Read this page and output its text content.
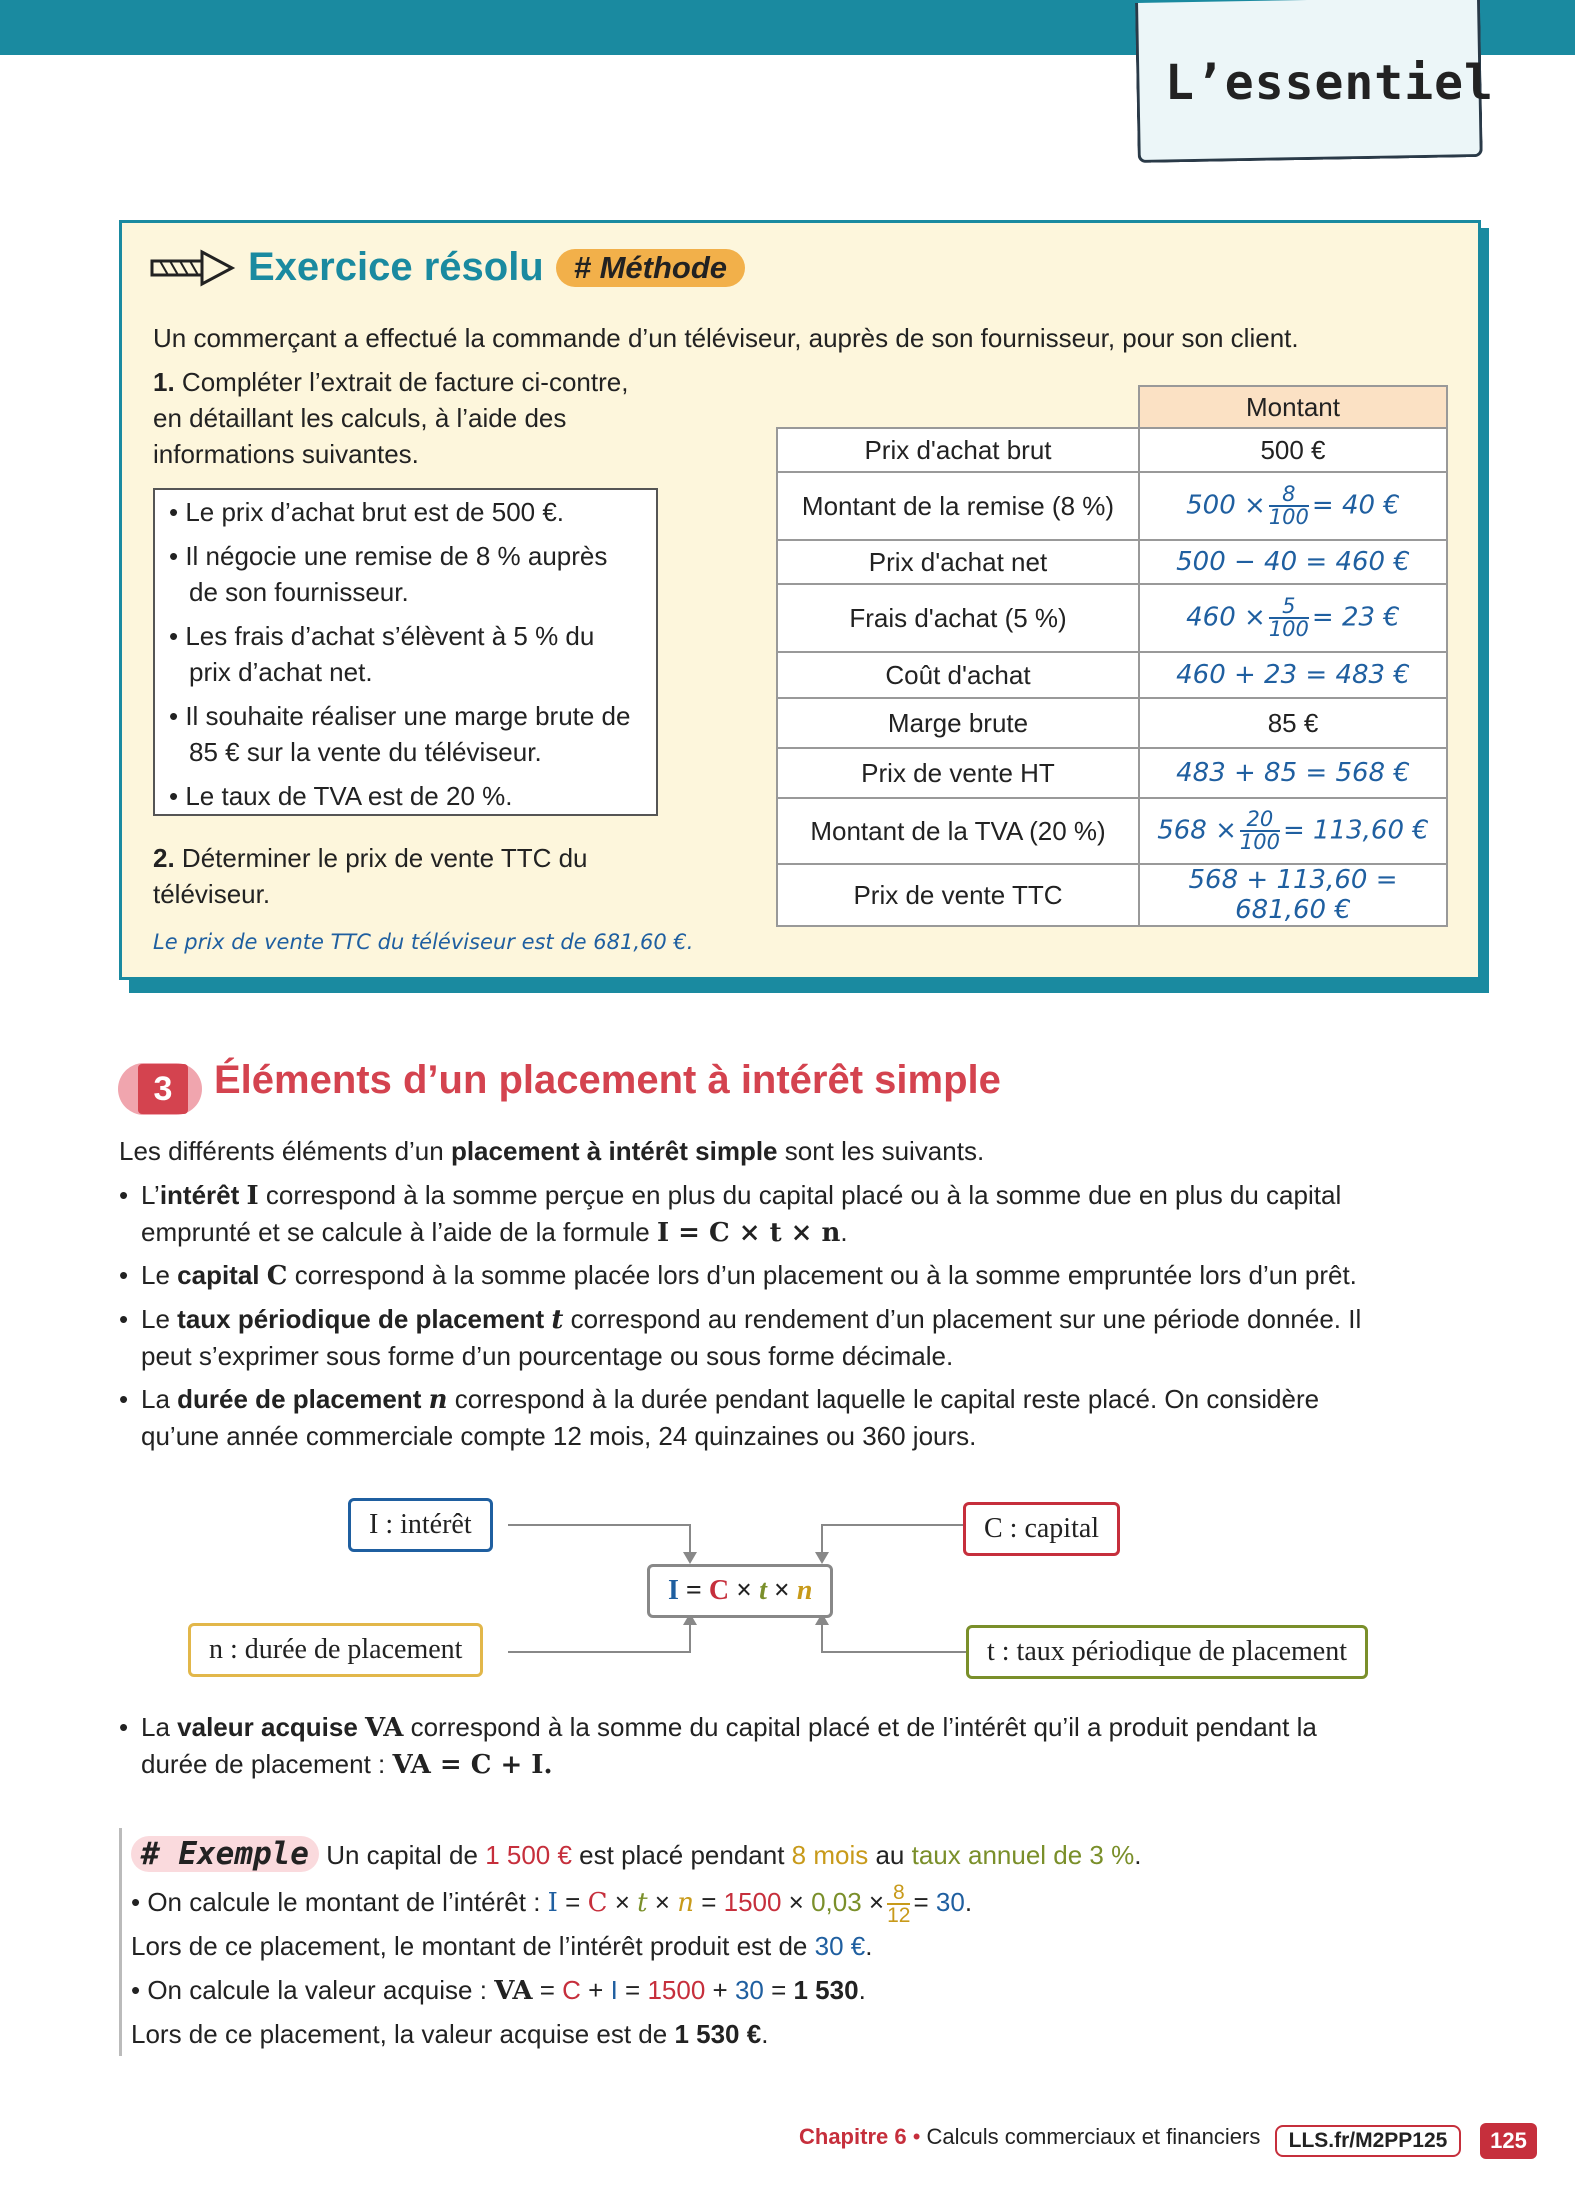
L’essentiel
Exercice résolu # Méthode
Un commerçant a effectué la commande d’un téléviseur, auprès de son fournisseur, pour son client.
1. Compléter l’extrait de facture ci-contre,
en détaillant les calculs, à l’aide des
informations suivantes.
• Le prix d’achat brut est de 500 €.
• Il négocie une remise de 8 % auprès de son fournisseur.
• Les frais d’achat s’élèvent à 5 % du prix d’achat net.
• Il souhaite réaliser une marge brute de 85 € sur la vente du téléviseur.
• Le taux de TVA est de 20 %.
2. Déterminer le prix de vente TTC du
téléviseur.
Le prix de vente TTC du téléviseur est de 681,60 €.
	Montant
Prix d'achat brut	500 €
Montant de la remise (8 %)	$500 \times \frac{8}{100} = 40$ €
Prix d'achat net	500 − 40 = 460 €
Frais d'achat (5 %)	$460 \times \frac{5}{100} = 23$ €
Coût d'achat	460 + 23 = 483 €
Marge brute	85 €
Prix de vente HT	483 + 85 = 568 €
Montant de la TVA (20 %)	$568 \times \frac{20}{100} = 113,60$ €
Prix de vente TTC	568 + 113,60 = 681,60 €
3	Éléments d’un placement à intérêt simple
Les différents éléments d’un placement à intérêt simple sont les suivants.
• L’intérêt I correspond à la somme perçue en plus du capital placé ou à la somme due en plus du capital
emprunté et se calcule à l’aide de la formule I = C × t × n.
• Le capital C correspond à la somme placée lors d’un placement ou à la somme empruntée lors d’un prêt.
• Le taux périodique de placement t correspond au rendement d’un placement sur une période donnée. Il
peut s’exprimer sous forme d’un pourcentage ou sous forme décimale.
• La durée de placement n correspond à la durée pendant laquelle le capital reste placé. On considère
qu’une année commerciale compte 12 mois, 24 quinzaines ou 360 jours.
I : intérêt	C : capital
n : durée de placement	t : taux périodique de placement
I = C × t × n
• La valeur acquise VA correspond à la somme du capital placé et de l’intérêt qu’il a produit pendant la
durée de placement : VA = C + I.
# Exemple Un capital de 1 500 € est placé pendant 8 mois au taux annuel de 3 %.
• On calcule le montant de l’intérêt : $I = C \times t \times n = 1500 \times 0,03 \times \frac{8}{12} = 30$.
Lors de ce placement, le montant de l’intérêt produit est de 30 €.
• On calcule la valeur acquise : VA = C + I = 1500 + 30 = 1 530.
Lors de ce placement, la valeur acquise est de 1 530 €.
Chapitre 6 • Calculs commerciaux et financiers	LLS.fr/M2PP125	125
